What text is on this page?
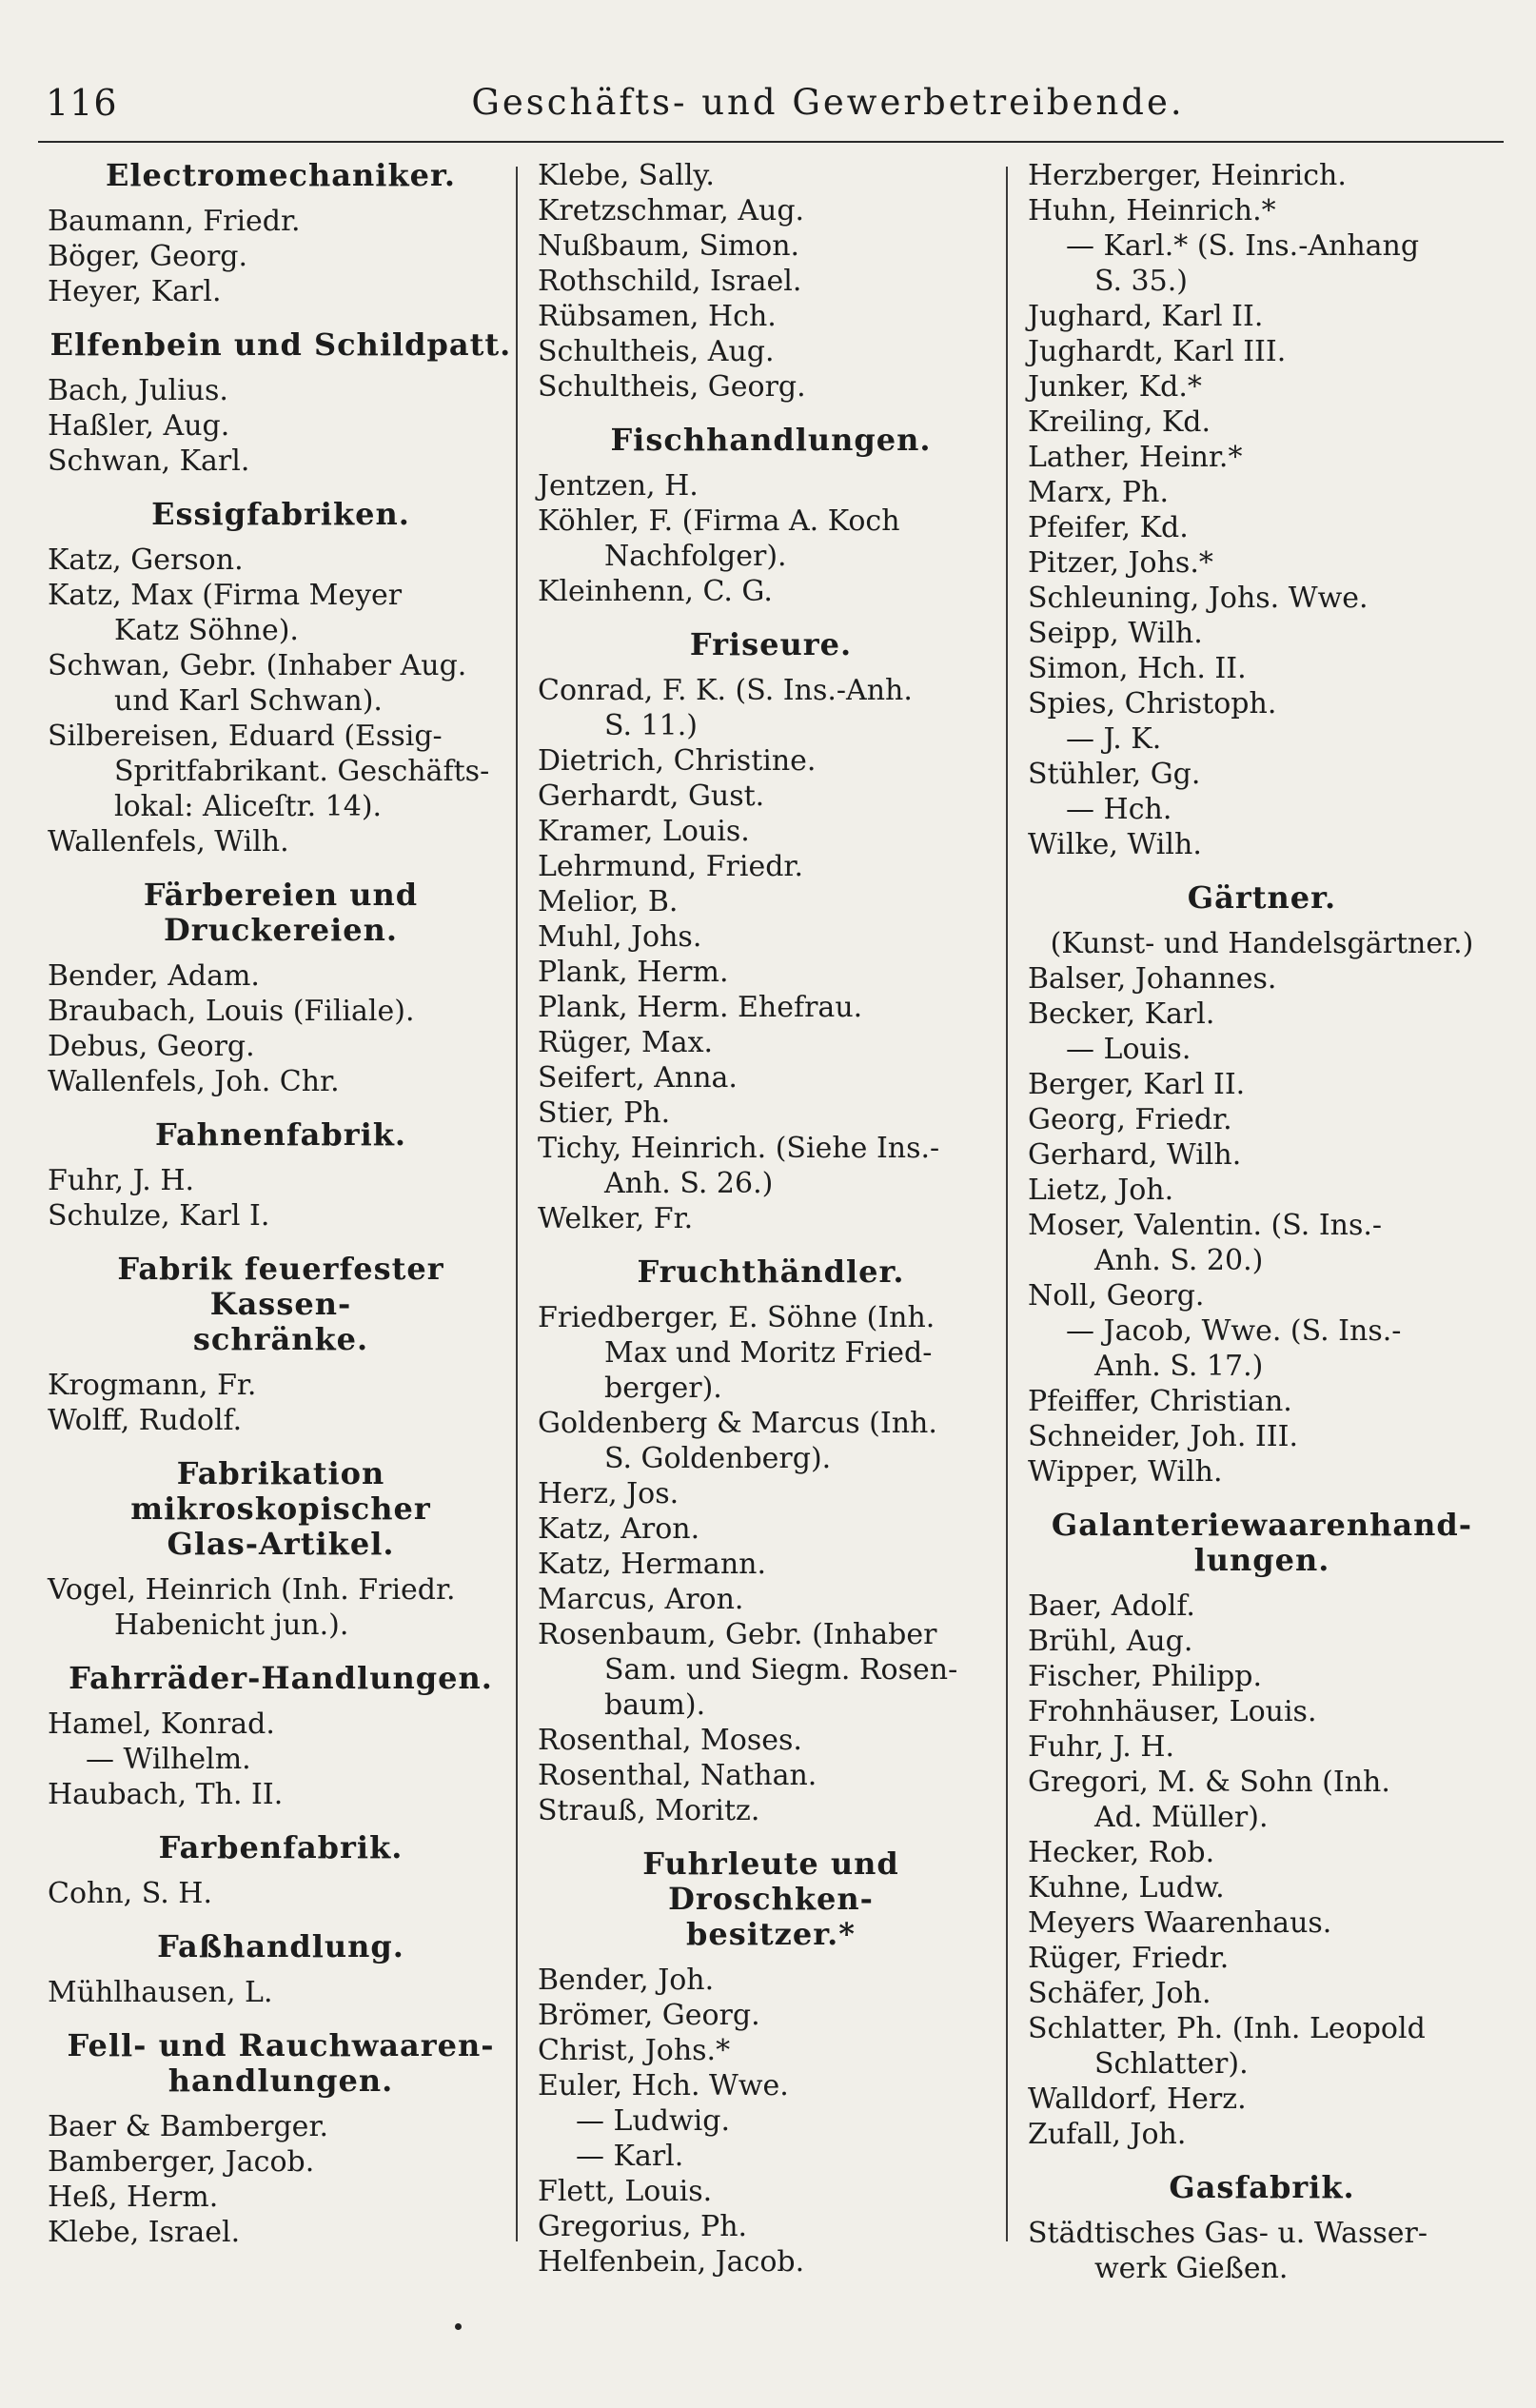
116	Geschäfts- und Gewerbetreibende.
Electromechaniker.
Baumann, Friedr.
Böger, Georg.
Heyer, Karl.
Elfenbein und Schildpatt.
Bach, Julius.
Haßler, Aug.
Schwan, Karl.
Essigfabriken.
Katz, Gerson.
Katz, Max (Firma Meyer
Katz Söhne).
Schwan, Gebr. (Inhaber Aug.
und Karl Schwan).
Silbereisen, Eduard (Essig-
Spritfabrikant. Geschäfts-
lokal: Aliceſtr. 14).
Wallenfels, Wilh.
Färbereien und Druckereien.
Bender, Adam.
Braubach, Louis (Filiale).
Debus, Georg.
Wallenfels, Joh. Chr.
Fahnenfabrik.
Fuhr, J. H.
Schulze, Karl I.
Fabrik feuerfester Kassen-
schränke.
Krogmann, Fr.
Wolff, Rudolf.
Fabrikation mikroskopischer
Glas-Artikel.
Vogel, Heinrich (Inh. Friedr.
Habenicht jun.).
Fahrräder-Handlungen.
Hamel, Konrad.
— Wilhelm.
Haubach, Th. II.
Farbenfabrik.
Cohn, S. H.
Faßhandlung.
Mühlhausen, L.
Fell- und Rauchwaaren-
handlungen.
Baer & Bamberger.
Bamberger, Jacob.
Heß, Herm.
Klebe, Israel.
Klebe, Sally.
Kretzschmar, Aug.
Nußbaum, Simon.
Rothschild, Israel.
Rübsamen, Hch.
Schultheis, Aug.
Schultheis, Georg.
Fischhandlungen.
Jentzen, H.
Köhler, F. (Firma A. Koch
Nachfolger).
Kleinhenn, C. G.
Friseure.
Conrad, F. K. (S. Ins.-Anh.
S. 11.)
Dietrich, Christine.
Gerhardt, Gust.
Kramer, Louis.
Lehrmund, Friedr.
Melior, B.
Muhl, Johs.
Plank, Herm.
Plank, Herm. Ehefrau.
Rüger, Max.
Seifert, Anna.
Stier, Ph.
Tichy, Heinrich. (Siehe Ins.-
Anh. S. 26.)
Welker, Fr.
Fruchthändler.
Friedberger, E. Söhne (Inh.
Max und Moritz Fried-
berger).
Goldenberg & Marcus (Inh.
S. Goldenberg).
Herz, Jos.
Katz, Aron.
Katz, Hermann.
Marcus, Aron.
Rosenbaum, Gebr. (Inhaber
Sam. und Siegm. Rosen-
baum).
Rosenthal, Moses.
Rosenthal, Nathan.
Strauß, Moritz.
Fuhrleute und Droschken-
besitzer.*
Bender, Joh.
Brömer, Georg.
Christ, Johs.*
Euler, Hch. Wwe.
— Ludwig.
— Karl.
Flett, Louis.
Gregorius, Ph.
Helfenbein, Jacob.
Herzberger, Heinrich.
Huhn, Heinrich.*
— Karl.* (S. Ins.-Anhang
S. 35.)
Jughard, Karl II.
Jughardt, Karl III.
Junker, Kd.*
Kreiling, Kd.
Lather, Heinr.*
Marx, Ph.
Pfeifer, Kd.
Pitzer, Johs.*
Schleuning, Johs. Wwe.
Seipp, Wilh.
Simon, Hch. II.
Spies, Christoph.
— J. K.
Stühler, Gg.
— Hch.
Wilke, Wilh.
Gärtner.
(Kunst- und Handelsgärtner.)
Balser, Johannes.
Becker, Karl.
— Louis.
Berger, Karl II.
Georg, Friedr.
Gerhard, Wilh.
Lietz, Joh.
Moser, Valentin. (S. Ins.-
Anh. S. 20.)
Noll, Georg.
— Jacob, Wwe. (S. Ins.-
Anh. S. 17.)
Pfeiffer, Christian.
Schneider, Joh. III.
Wipper, Wilh.
Galanteriewaarenhand-
lungen.
Baer, Adolf.
Brühl, Aug.
Fischer, Philipp.
Frohnhäuser, Louis.
Fuhr, J. H.
Gregori, M. & Sohn (Inh.
Ad. Müller).
Hecker, Rob.
Kuhne, Ludw.
Meyers Waarenhaus.
Rüger, Friedr.
Schäfer, Joh.
Schlatter, Ph. (Inh. Leopold
Schlatter).
Walldorf, Herz.
Zufall, Joh.
Gasfabrik.
Städtisches Gas- u. Wasser-
werk Gießen.
